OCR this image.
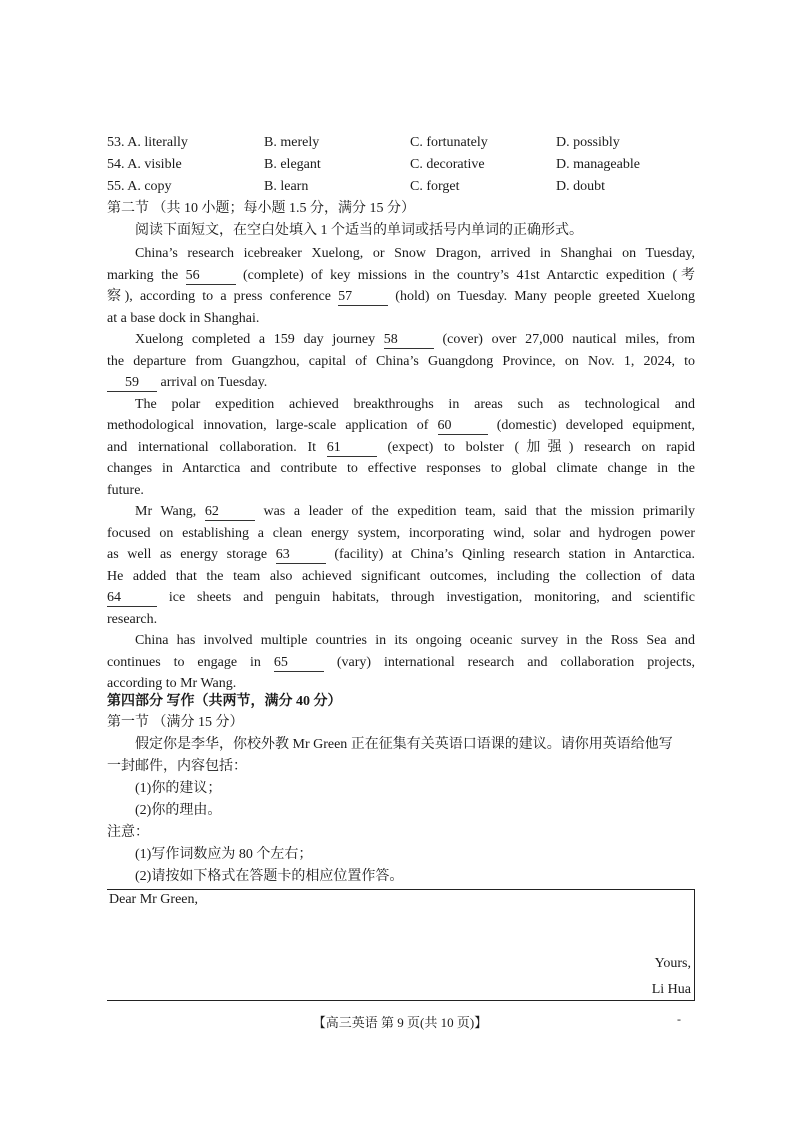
53. A. literally	B. merely	C. fortunately	D. possibly
54. A. visible	B. elegant	C. decorative	D. manageable
55. A. copy	B. learn	C. forget	D. doubt
第二节 （共 10 小题；每小题 1.5 分，满分 15 分）
阅读下面短文，在空白处填入 1 个适当的单词或括号内单词的正确形式。
China’s research icebreaker Xuelong, or Snow Dragon, arrived in Shanghai on Tuesday,
marking the 56	(complete) of key missions in the country’s 41st Antarctic expedition (考
察), according to a press conference 57	(hold) on Tuesday. Many people greeted Xuelong
at a base dock in Shanghai.
Xuelong completed a 159 day journey 58	(cover) over 27,000 nautical miles, from
the departure from Guangzhou, capital of China’s Guangdong Province, on Nov. 1, 2024, to
59 arrival on Tuesday.
The polar expedition achieved breakthroughs in areas such as technological and
methodological innovation, large-scale application of 60	(domestic) developed equipment,
and international collaboration. It 61	(expect) to bolster (加强) research on rapid
changes in Antarctica and contribute to effective responses to global climate change in the
future.
Mr Wang, 62	was a leader of the expedition team, said that the mission primarily
focused on establishing a clean energy system, incorporating wind, solar and hydrogen power
as well as energy storage 63	(facility) at China’s Qinling research station in Antarctica.
He added that the team also achieved significant outcomes, including the collection of data
64	ice sheets and penguin habitats, through investigation, monitoring, and scientific
research.
China has involved multiple countries in its ongoing oceanic survey in the Ross Sea and
continues to engage in 65	(vary) international research and collaboration projects,
according to Mr Wang.
第四部分 写作（共两节，满分 40 分）
第一节 （满分 15 分）
假定你是李华，你校外教 Mr Green 正在征集有关英语口语课的建议。请你用英语给他写
一封邮件，内容包括：
(1)你的建议；
(2)你的理由。
注意：
(1)写作词数应为 80 个左右；
(2)请按如下格式在答题卡的相应位置作答。
Dear Mr Green,
Yours,
Li Hua
【高三英语 第 9 页(共 10 页)】	-
